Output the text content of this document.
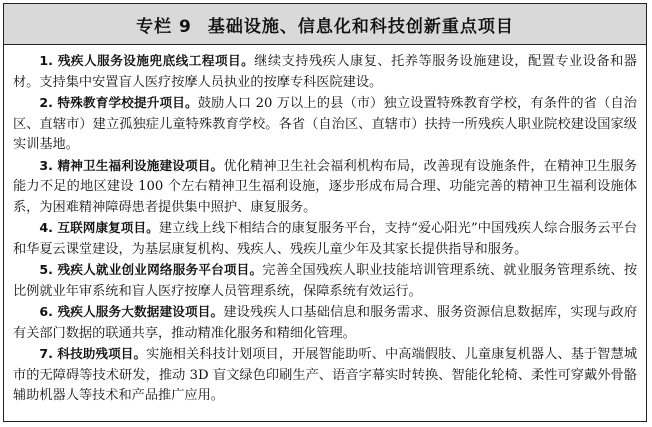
专栏 9 基础设施、信息化和科技创新重点项目

1. 残疾人服务设施兜底线工程项目。继续支持残疾人康复、托养等服务设施建设，配置专业设备和器材。支持集中安置盲人医疗按摩人员执业的按摩专科医院建设。

2. 特殊教育学校提升项目。鼓励人口 20 万以上的县（市）独立设置特殊教育学校，有条件的省（自治区、直辖市）建立孤独症儿童特殊教育学校。各省（自治区、直辖市）扶持一所残疾人职业院校建设国家级实训基地。

3. 精神卫生福利设施建设项目。优化精神卫生社会福利机构布局，改善现有设施条件，在精神卫生服务能力不足的地区建设 100 个左右精神卫生福利设施，逐步形成布局合理、功能完善的精神卫生福利设施体系，为困难精神障碍患者提供集中照护、康复服务。

4. 互联网康复项目。建立线上线下相结合的康复服务平台，支持“爱心阳光”中国残疾人综合服务云平台和华夏云课堂建设，为基层康复机构、残疾人、残疾儿童少年及其家长提供指导和服务。

5. 残疾人就业创业网络服务平台项目。完善全国残疾人职业技能培训管理系统、就业服务管理系统、按比例就业年审系统和盲人医疗按摩人员管理系统，保障系统有效运行。

6. 残疾人服务大数据建设项目。建设残疾人口基础信息和服务需求、服务资源信息数据库，实现与政府有关部门数据的联通共享，推动精准化服务和精细化管理。

7. 科技助残项目。实施相关科技计划项目，开展智能助听、中高端假肢、儿童康复机器人、基于智慧城市的无障碍等技术研发，推动 3D 盲文绿色印刷生产、语音字幕实时转换、智能化轮椅、柔性可穿戴外骨骼辅助机器人等技术和产品推广应用。
